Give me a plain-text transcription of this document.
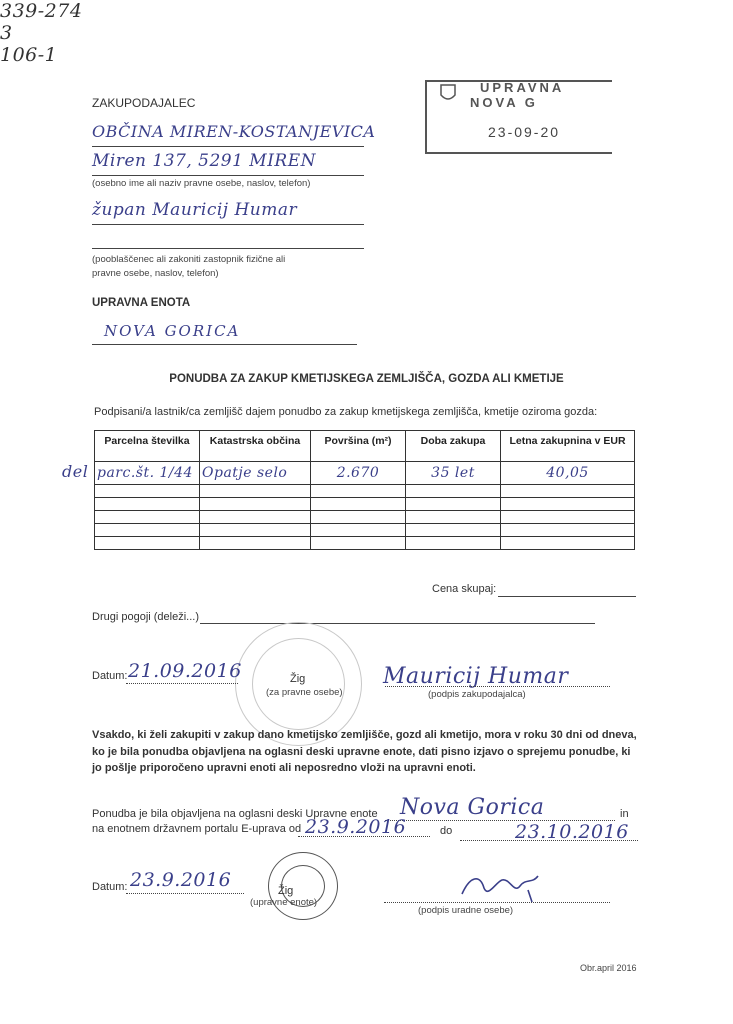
UPRAVNA
NOVA G
23-09-20
339-274
3
106-1
ZAKUPODAJALEC
OBČINA MIREN-KOSTANJEVICA
Miren 137, 5291 MIREN
(osebno ime ali naziv pravne osebe, naslov, telefon)
župan Mauricij Humar
(pooblaščenec ali zakoniti zastopnik fizične ali pravne osebe, naslov, telefon)
UPRAVNA ENOTA
NOVA GORICA
PONUDBA ZA ZAKUP KMETIJSKEGA ZEMLJIŠČA, GOZDA ALI KMETIJE
Podpisani/a lastnik/ca zemljišč dajem ponudbo za zakup kmetijskega zemljišča, kmetije oziroma gozda:
del
Parcelna številka	Katastrska občina	Površina (m²)	Doba zakupa	Letna zakupnina v EUR
parc.št. 1/44	Opatje selo	2.670	35 let	40,05

Cena skupaj:
Drugi pogoji (deleži...)
Datum: 21.09.2016	Žig
(za pravne osebe)
Mauricij Humar
(podpis zakupodajalca)
Vsakdo, ki želi zakupiti v zakup dano kmetijsko zemljišče, gozd ali kmetijo, mora v roku 30 dni od dneva, ko je bila ponudba objavljena na oglasni deski upravne enote, dati pisno izjavo o sprejemu ponudbe, ki jo pošlje priporočeno upravni enoti ali neposredno vloži na upravni enoti.
Ponudba je bila objavljena na oglasni deski Upravne enote Nova Gorica	in
na enotnem državnem portalu E-uprava od 23.9.2016	do	23.10.2016
Datum: 23.9.2016	Žig
(upravne enote)
(podpis uradne osebe)
Obr.april 2016
